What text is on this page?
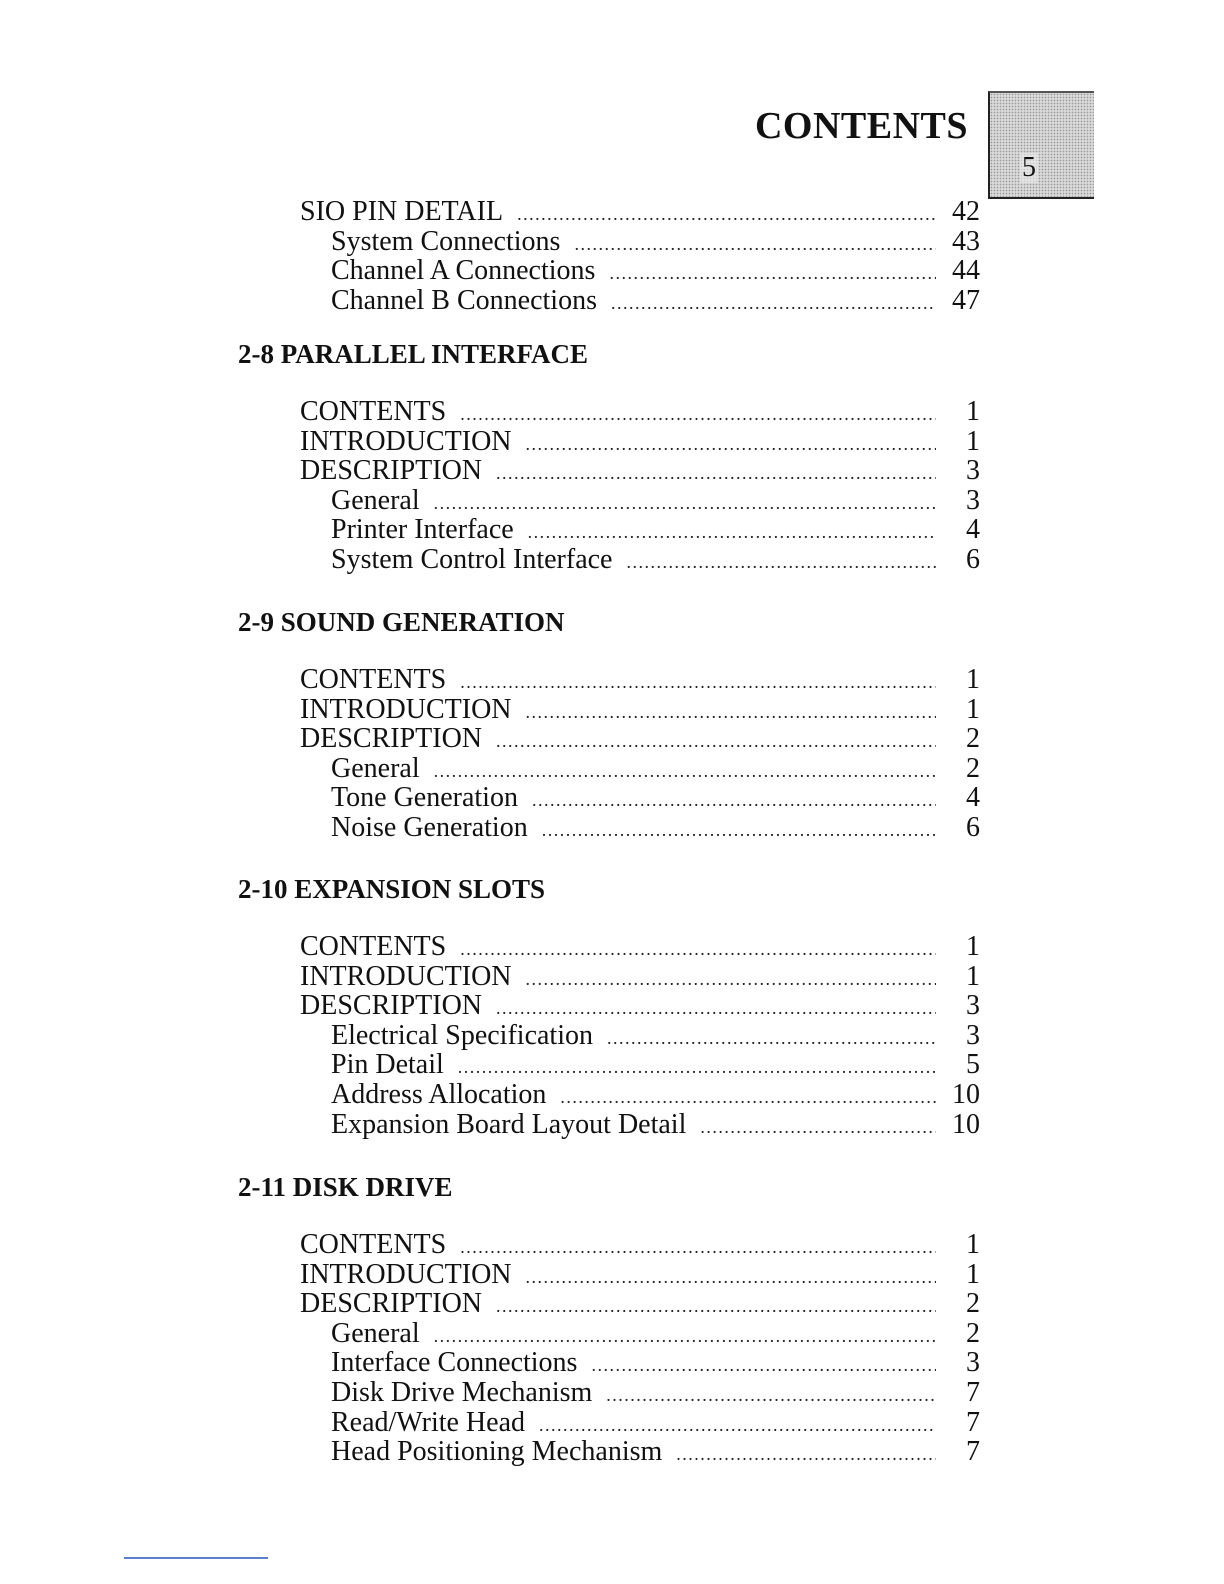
CONTENTS
5
SIO PIN DETAIL .....	42
System Connections .....	43
Channel A Connections .....	44
Channel B Connections .....	47
2-8 PARALLEL INTERFACE
CONTENTS .....	1
INTRODUCTION .....	1
DESCRIPTION .....	3
General .....	3
Printer Interface .....	4
System Control Interface .....	6
2-9 SOUND GENERATION
CONTENTS .....	1
INTRODUCTION .....	1
DESCRIPTION .....	2
General .....	2
Tone Generation .....	4
Noise Generation .....	6
2-10 EXPANSION SLOTS
CONTENTS .....	1
INTRODUCTION .....	1
DESCRIPTION .....	3
Electrical Specification .....	3
Pin Detail .....	5
Address Allocation .....	10
Expansion Board Layout Detail .....	10
2-11 DISK DRIVE
CONTENTS .....	1
INTRODUCTION .....	1
DESCRIPTION .....	2
General .....	2
Interface Connections .....	3
Disk Drive Mechanism .....	7
Read/Write Head .....	7
Head Positioning Mechanism .....	7
